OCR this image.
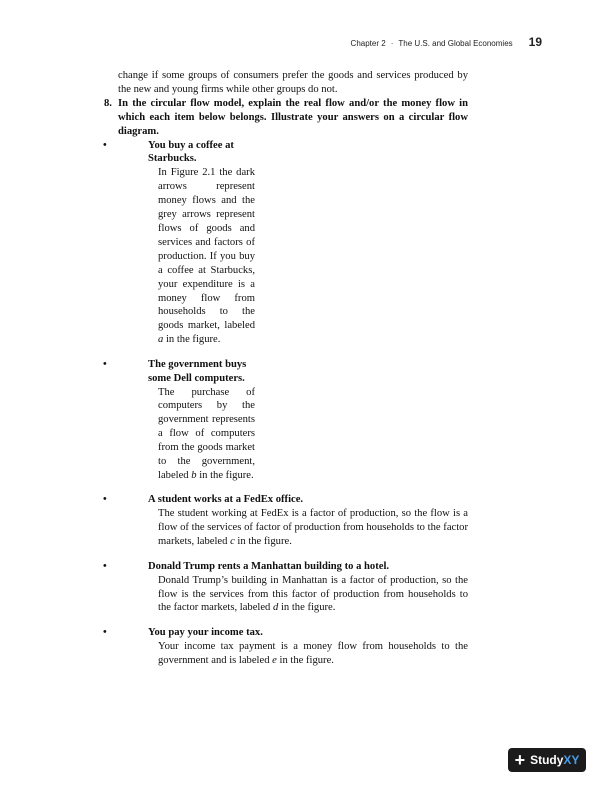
Chapter 2 · The U.S. and Global Economies 19

change if some groups of consumers prefer the goods and services produced by the new and young firms while other groups do not.

8. In the circular flow model, explain the real flow and/or the money flow in which each item below belongs. Illustrate your answers on a circular flow diagram.
•	You buy a coffee at Starbucks.

In Figure 2.1 the dark arrows represent money flows and the grey arrows represent flows of goods and services and factors of production. If you buy a coffee at Starbucks, your expenditure is a money flow from households to the goods market, labeled a in the figure.

•	The government buys some Dell computers.

The purchase of computers by the government represents a flow of computers from the goods market to the government, labeled b in the figure.

•	A student works at a FedEx office.

The student working at FedEx is a factor of production, so the flow is a flow of the services of factor of production from households to the factor markets, labeled c in the figure.

•	Donald Trump rents a Manhattan building to a hotel.

Donald Trump’s building in Manhattan is a factor of production, so the flow is the services from this factor of production from households to the factor markets, labeled d in the figure.

•	You pay your income tax.

Your income tax payment is a money flow from households to the government and is labeled e in the figure.

+ StudyXY
